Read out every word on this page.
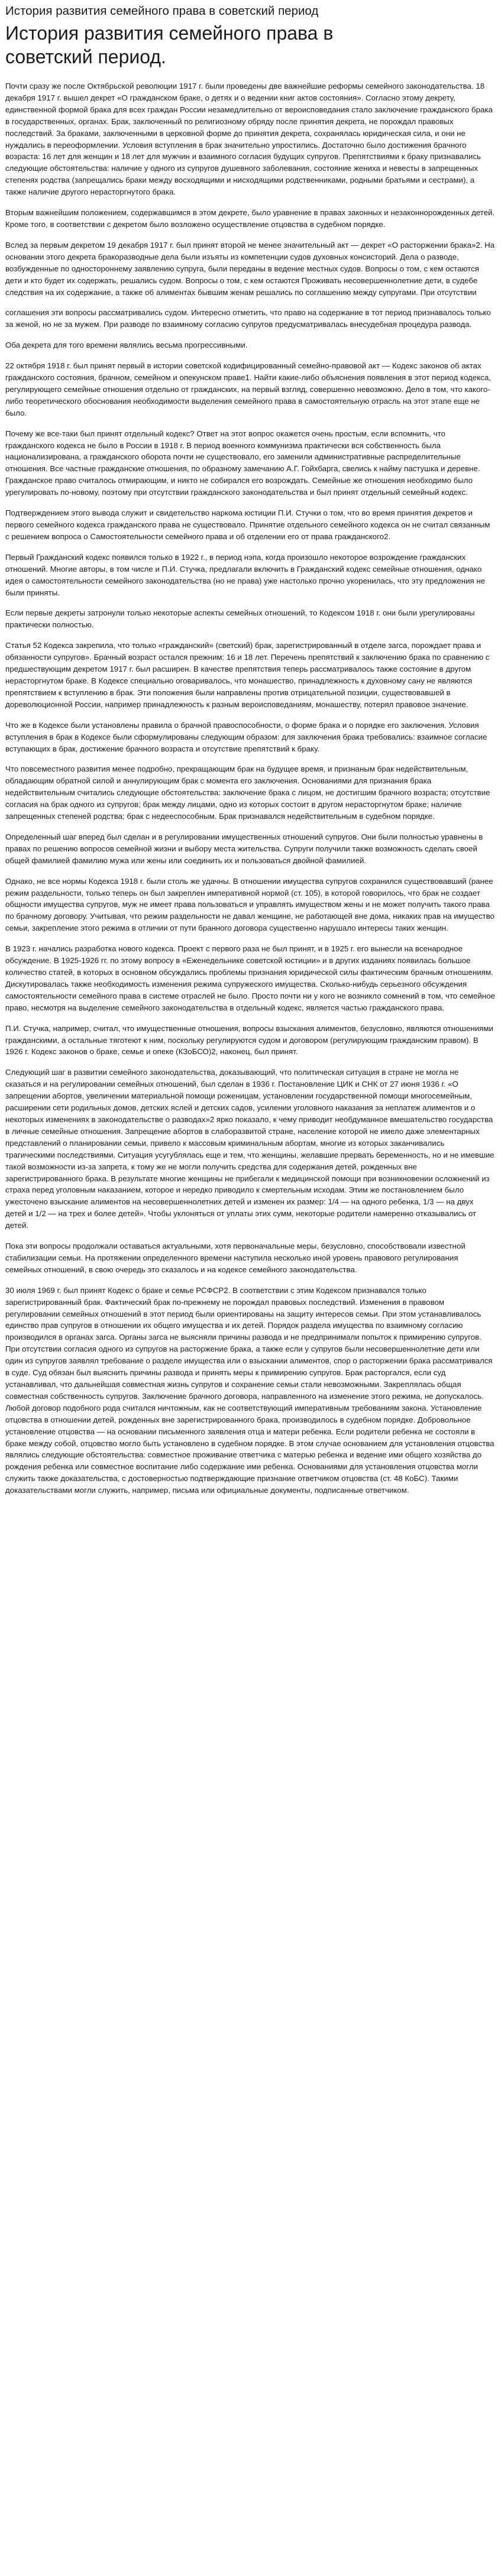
История развития семейного права в советский период
История развития семейного права в советский период.

Почти сразу же после Октябрьской революции 1917 г. были проведены две важнейшие реформы семейного законодательства. 18 декабря 1917 г. вышел декрет «О гражданском браке, о детях и о ведении книг актов состояния». Согласно этому декрету, единственной формой брака для всех граждан России незамедлительно от вероисповедания стало заключение гражданского брака в государственных, органах. Брак, заключенный по религиозному обряду после принятия декрета, не порождал правовых последствий. За браками, заключенными в церковной форме до принятия декрета, сохранялась юридическая сила, и они не нуждались в переоформлении. Условия вступления в брак значительно упростились. Достаточно было достижения брачного возраста: 16 лет для женщин и 18 лет для мужчин и взаимного согласия будущих супругов. Препятствиями к браку признавались следующие обстоятельства: наличие у одного из супругов душевного заболевания, состояние жениха и невесты в запрещенных степенях родства (запрещались браки между восходящими и нисходящими родственниками, родными братьями и сестрами), а также наличие другого нерасторгнутого брака.

Вторым важнейшим положением, содержавшимся в этом декрете, было уравнение в правах законных и незаконнорожденных детей. Кроме того, в соответствии с декретом было возложено осуществление отцовства в судебном порядке.

Вслед за первым декретом 19 декабря 1917 г. был принят второй не менее значительный акт — декрет «О расторжении брака»2. На основании этого декрета бракоразводные дела были изъяты из компетенции судов духовных консисторий. Дела о разводе, возбужденные по одностороннему заявлению супруга, были переданы в ведение местных судов. Вопросы о том, с кем остаются дети и кто будет их содержать, решались судом. Вопросы о том, с кем остаются Проживать несовершеннолетние дети, в судебе следствия на их содержание, а также об алиментах бывшим женам решались по соглашению между супругами. При отсутствии

соглашения эти вопросы рассматривались судом. Интересно отметить, что право на содержание в тот период признавалось только за женой, но не за мужем. При разводе по взаимному согласию супругов предусматривалась внесудебная процедура развода.

Оба декрета для того времени являлись весьма прогрессивными.

22 октября 1918 г. был принят первый в истории советской кодифицированный семейно-правовой акт — Кодекс законов об актах гражданского состояния, брачном, семейном и опекунском праве1. Найти какие-либо объяснения появления в этот период кодекса, регулирующего семейные отношения отдельно от гражданских, на первый взгляд, совершенно невозможно. Дело в том, что какого-либо теоретического обоснования необходимости выделения семейного права в самостоятельную отрасль на этот этапе еще не было.

Почему же все-таки был принят отдельный кодекс? Ответ на этот вопрос окажется очень простым, если вспомнить, что гражданского кодекса не было в России в 1918 г. В период военного коммунизма практически вся собственность была национализирована, а гражданского оборота почти не существовало, его заменили административные распределительные отношения. Все частные гражданские отношения, по образному замечанию А.Г. Гойхбарга, свелись к найму пастушка и деревне. Гражданское право считалось отмирающим, и никто не собирался его возрождать. Семейные же отношения необходимо было урегулировать по-новому, поэтому при отсутствии гражданского законодательства и был принят отдельный семейный кодекс.

Подтверждением этого вывода служит и свидетельство наркома юстиции П.И. Стучки о том, что во время принятия декретов и первого семейного кодекса гражданского права не существовало. Принятие отдельного семейного кодекса он не считал связанным с решением вопроса о Самостоятельности семейного права и об отделении его от права гражданского2.

Первый Гражданский кодекс появился только в 1922 г., в период нэпа, когда произошло некоторое возрождение гражданских отношений. Многие авторы, в том числе и П.И. Стучка, предлагали включить в Гражданский кодекс семейные отношения, однако идея о самостоятельности семейного законодательства (но не права) уже настолько прочно укоренилась, что эту предложения не были приняты.

Если первые декреты затронули только некоторые аспекты семейных отношений, то Кодексом 1918 г. они были урегулированы практически полностью.

Статья 52 Кодекса закрепила, что только «гражданский» (светский) брак, зарегистрированный в отделе загса, порождает права и обязанности супругов». Брачный возраст остался прежним: 16 и 18 лет. Перечень препятствий к заключению брака по сравнению с предшествующим декретом 1917 г. был расширен. В качестве препятствия теперь рассматривалось также состояние в другом нерасторгнутом браке. В Кодексе специально оговаривалось, что монашество, принадлежность к духовному сану не являются препятствием к вступлению в брак. Эти положения были направлены против отрицательной позиции, существовавшей в дореволюционной России, например принадлежность к разным вероисповеданиям, монашеству, потерял правовое значение.

Что же в Кодексе были установлены правила о брачной правоспособности, о форме брака и о порядке его заключения. Условия вступления в брак в Кодексе были сформулированы следующим образом: для заключения брака требовались: взаимное согласие вступающих в брак, достижение брачного возраста и отсутствие препятствий к браку.

Что повсеместного развития менее подробно, прекращающим брак на будущее время, и признаным брак недействительным, обладающим обратной силой и аннулирующим брак с момента его заключения. Основаниями для признания брака недействительным считались следующие обстоятельства: заключение брака с лицом, не достигшим брачного возраста; отсутствие согласия на брак одного из супругов; брак между лицами, одно из которых состоит в другом нерасторгнутом браке; наличие запрещенных степеней родства; брак с недееспособным. Брак признавался недействительным в судебном порядке.

Определенный шаг вперед был сделан и в регулировании имущественных отношений супругов. Они были полностью уравнены в правах по решению вопросов семейной жизни и выбору места жительства. Супруги получили также возможность сделать своей общей фамилией фамилию мужа или жены или соединить их и пользоваться двойной фамилией.

Однако, не все нормы Кодекса 1918 г. были столь же удачны. В отношении имущества супругов сохранился существовавший (ранее режим раздельности, только теперь он был закреплен императивной нормой (ст. 105), в которой говорилось, что брак не создает общности имущества супругов, муж не имеет права пользоваться и управлять имуществом жены и не может получить такого права по брачному договору. Учитывая, что режим раздельности не давал женщине, не работающей вне дома, никаких прав на имущество семьи, закрепление этого режима в отличии от пути бранного договора существенно нарушало интересы таких женщин.

В 1923 г. начались разработка нового кодекса. Проект с первого раза не был принят, и в 1925 г. его вынесли на всенародное обсуждение. В 1925-1926 гг. по этому вопросу в «Еженедельнике советской юстиции» и в других изданиях появилась большое количество статей, в которых в основном обсуждались проблемы признания юридической силы фактическим брачным отношениям. Дискутировалась также необходимость изменения режима супружеского имущества. Сколько-нибудь серьезного обсуждения самостоятельности семейного права в системе отраслей не было. Просто почти ни у кого не возникло сомнений в том, что семейное право, несмотря на выделение семейного законодательства в отдельный кодекс, является частью гражданского права.

П.И. Стучка, например, считал, что имущественные отношения, вопросы взыскания алиментов, безусловно, являются отношениями гражданскими, а остальные тяготеют к ним, поскольку регулируются судом и договором (регулирующим гражданским правом). В 1926 г. Кодекс законов о браке, семье и опеке (КЗоБСО)2, наконец, был принят.

Следующий шаг в развитии семейного законодательства, доказывающий, что политическая ситуация в стране не могла не сказаться и на регулировании семейных отношений, был сделан в 1936 г. Постановление ЦИК и СНК от 27 июня 1936 г. «О запрещении абортов, увеличении материальной помощи роженицам, установлении государственной помощи многосемейным, расширении сети родильных домов, детских яслей и детских садов, усилении уголовного наказания за неплатеж алиментов и о некоторых изменениях в законодательстве о разводах»2 ярко показало, к чему приводит необдуманное вмешательство государства в личные семейные отношения. Запрещение абортов в слаборазвитой стране, население которой не имело даже элементарных представлений о планировании семьи, привело к массовым криминальным абортам, многие из которых заканчивались трагическими последствиями. Ситуация усугублялась еще и тем, что женщины, желавшие прервать беременность, но и не имевшие такой возможности из-за запрета, к тому же не могли получить средства для содержания детей, рожденных вне зарегистрированного брака. В результате многие женщины не прибегали к медицинской помощи при возникновении осложнений из страха перед уголовным наказанием, которое и нередко приводило к смертельным исходам. Этим же постановлением было ужесточено взыскание алиментов на несовершеннолетних детей и изменен их размер: 1/4 — на одного ребенка, 1/3 — на двух детей и 1/2 — на трех и более детей». Чтобы уклоняться от уплаты этих сумм, некоторые родители намеренно отказывались от детей.

Пока эти вопросы продолжали оставаться актуальными, хотя первоначальные меры, безусловно, способствовали известной стабилизации семьи. На протяжении определенного времени наступила несколько иной уровень правового регулирования семейных отношений, в свою очередь это сказалось и на кодексе семейного законодательства.

30 июля 1969 г. был принят Кодекс о браке и семье РСФСР2. В соответствии с этим Кодексом признавался только зарегистрированный брак. Фактический брак по-прежнему не порождал правовых последствий. Изменения в правовом регулировании семейных отношений в этот период были ориентированы на защиту интересов семьи. При этом устанавливалось единство прав супругов в отношении их общего имущества и их детей. Порядок раздела имущества по взаимному согласию производился в органах загса. Органы загса не выясняли причины развода и не предпринимали попыток к примирению супругов. При отсутствии согласия одного из супругов на расторжение брака, а также если у супругов были несовершеннолетние дети или один из супругов заявлял требование о разделе имущества или о взыскании алиментов, спор о расторжении брака рассматривался в суде. Суд обязан был выяснить причины развода и принять меры к примирению супругов. Брак расторгался, если суд устанавливал, что дальнейшая совместная жизнь супругов и сохранение семьи стали невозможными. Закреплялась общая совместная собственность супругов. Заключение брачного договора, направленного на изменение этого режима, не допускалось. Любой договор подобного рода считался ничтожным, как не соответствующий императивным требованиям закона. Установление отцовства в отношении детей, рожденных вне зарегистрированного брака, производилось в судебном порядке. Добровольное установление отцовства — на основании письменного заявления отца и матери ребенка. Если родители ребенка не состояли в браке между собой, отцовство могло быть установлено в судебном порядке. В этом случае основанием для установления отцовства являлись следующие обстоятельства: совместное проживание ответчика с матерью ребенка и ведение ими общего хозяйства до рождения ребенка или совместное воспитание либо содержание ими ребенка. Основаниями для установления отцовства могли служить также доказательства, с достоверностью подтверждающие признание ответчиком отцовства (ст. 48 КоБС). Такими доказательствами могли служить, например, письма или официальные документы, подписанные ответчиком.
